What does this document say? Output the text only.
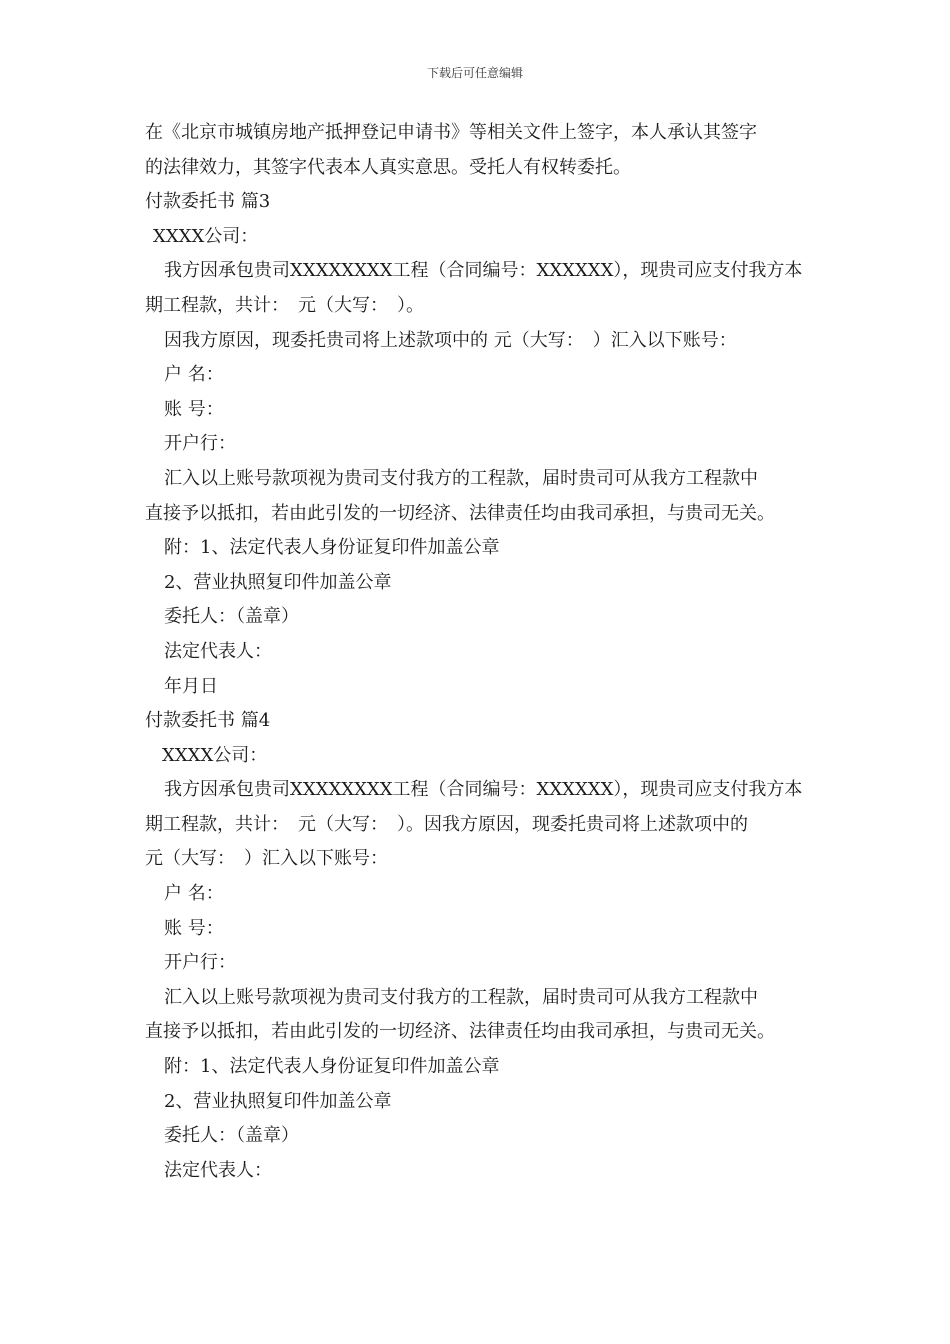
下载后可任意编辑
在《北京市城镇房地产抵押登记申请书》等相关文件上签字，本人承认其签字
的法律效力，其签字代表本人真实意思。受托人有权转委托。
付款委托书 篇3
XXXX公司：
我方因承包贵司XXXXXXXX工程（合同编号：XXXXXX），现贵司应支付我方本
期工程款，共计：　元（大写：　）。
因我方原因，现委托贵司将上述款项中的 元（大写：　）汇入以下账号：
户 名：
账 号：
开户行：
汇入以上账号款项视为贵司支付我方的工程款，届时贵司可从我方工程款中
直接予以抵扣，若由此引发的一切经济、法律责任均由我司承担，与贵司无关。
附：1、法定代表人身份证复印件加盖公章
2、营业执照复印件加盖公章
委托人：（盖章）
法定代表人：
年月日
付款委托书 篇4
XXXX公司：
我方因承包贵司XXXXXXXX工程（合同编号：XXXXXX），现贵司应支付我方本
期工程款，共计：　元（大写：　）。因我方原因，现委托贵司将上述款项中的
元（大写：　）汇入以下账号：
户 名：
账 号：
开户行：
汇入以上账号款项视为贵司支付我方的工程款，届时贵司可从我方工程款中
直接予以抵扣，若由此引发的一切经济、法律责任均由我司承担，与贵司无关。
附：1、法定代表人身份证复印件加盖公章
2、营业执照复印件加盖公章
委托人：（盖章）
法定代表人：
